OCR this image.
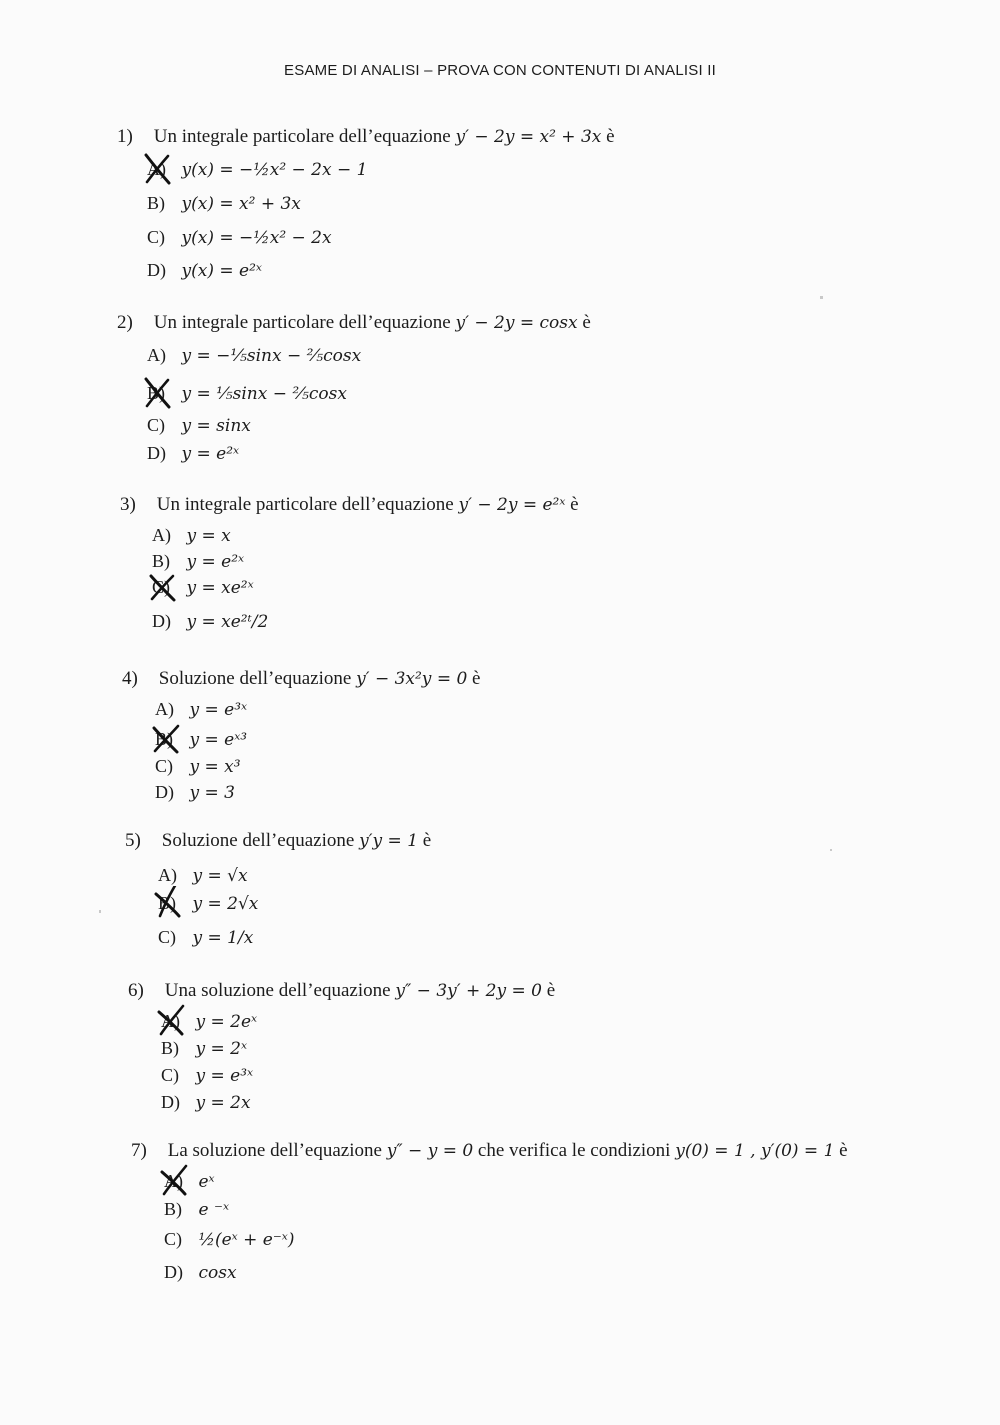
ESAME DI ANALISI – PROVA CON CONTENUTI DI ANALISI II
1) Un integrale particolare dell’equazione y′ − 2y = x² + 3x è
A) y(x) = −½x² − 2x − 1
B) y(x) = x² + 3x
C) y(x) = −½x² − 2x
D) y(x) = e²ˣ
2) Un integrale particolare dell’equazione y′ − 2y = cosx è
A) y = −⅕sinx − ⅖cosx
B) y = ⅕sinx − ⅖cosx
C) y = sinx
D) y = e²ˣ
3) Un integrale particolare dell’equazione y′ − 2y = e²ˣ è
A) y = x
B) y = e²ˣ
C) y = xe²ˣ
D) y = xe²ᵗ/2
4) Soluzione dell’equazione y′ − 3x²y = 0 è
A) y = e³ˣ
B) y = eˣ³
C) y = x³
D) y = 3
5) Soluzione dell’equazione y′y = 1 è
A) y = √x
B) y = 2√x
C) y = 1/x
6) Una soluzione dell’equazione y″ − 3y′ + 2y = 0 è
A) y = 2eˣ
B) y = 2ˣ
C) y = e³ˣ
D) y = 2x
7) La soluzione dell’equazione y″ − y = 0 che verifica le condizioni y(0) = 1 , y′(0) = 1 è
A) eˣ
B) e ⁻ˣ
C) ½(eˣ + e⁻ˣ)
D) cosx
